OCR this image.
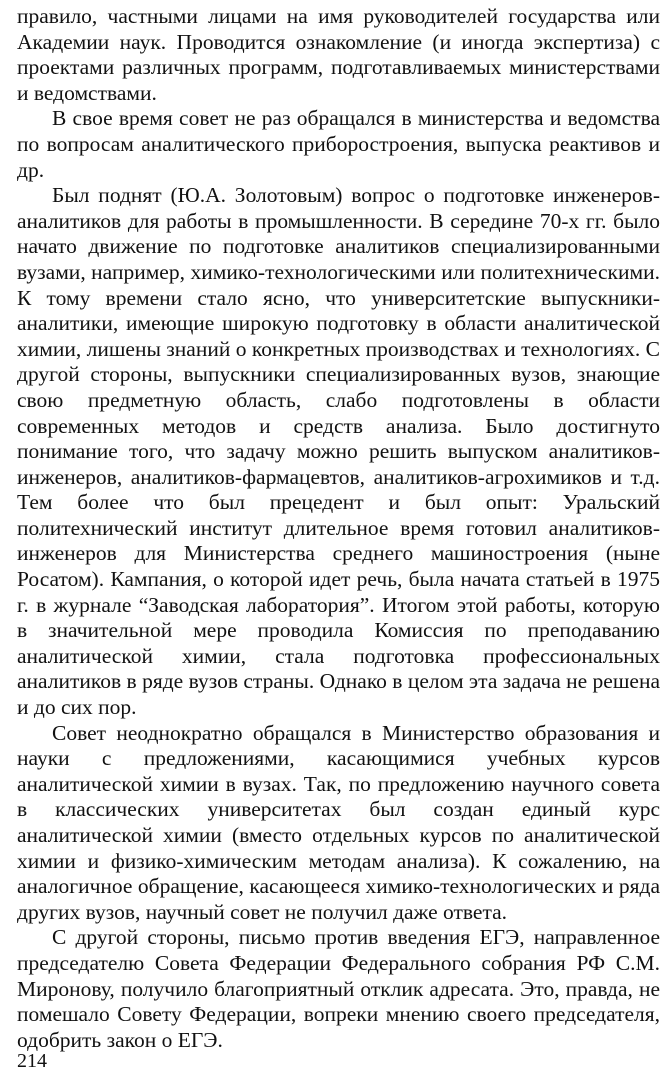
правило, частными лицами на имя руководителей государства или Академии наук. Проводится ознакомление (и иногда экспертиза) с проектами различных программ, подготавливаемых министерствами и ведомствами.

В свое время совет не раз обращался в министерства и ведомства по вопросам аналитического приборостроения, выпуска реактивов и др.

Был поднят (Ю.А. Золотовым) вопрос о подготовке инженеров-аналитиков для работы в промышленности. В середине 70-х гг. было начато движение по подготовке аналитиков специализированными вузами, например, химико-технологическими или политехническими. К тому времени стало ясно, что университетские выпускники-аналитики, имеющие широкую подготовку в области аналитической химии, лишены знаний о конкретных производствах и технологиях. С другой стороны, выпускники специализированных вузов, знающие свою предметную область, слабо подготовлены в области современных методов и средств анализа. Было достигнуто понимание того, что задачу можно решить выпуском аналитиков-инженеров, аналитиков-фармацевтов, аналитиков-агрохимиков и т.д. Тем более что был прецедент и был опыт: Уральский политехнический институт длительное время готовил аналитиков-инженеров для Министерства среднего машиностроения (ныне Росатом). Кампания, о которой идет речь, была начата статьей в 1975 г. в журнале “Заводская лаборатория”. Итогом этой работы, которую в значительной мере проводила Комиссия по преподаванию аналитической химии, стала подготовка профессиональных аналитиков в ряде вузов страны. Однако в целом эта задача не решена и до сих пор.

Совет неоднократно обращался в Министерство образования и науки с предложениями, касающимися учебных курсов аналитической химии в вузах. Так, по предложению научного совета в классических университетах был создан единый курс аналитической химии (вместо отдельных курсов по аналитической химии и физико-химическим методам анализа). К сожалению, на аналогичное обращение, касающееся химико-технологических и ряда других вузов, научный совет не получил даже ответа.

С другой стороны, письмо против введения ЕГЭ, направленное председателю Совета Федерации Федерального собрания РФ С.М. Миронову, получило благоприятный отклик адресата. Это, правда, не помешало Совету Федерации, вопреки мнению своего председателя, одобрить закон о ЕГЭ.

214
